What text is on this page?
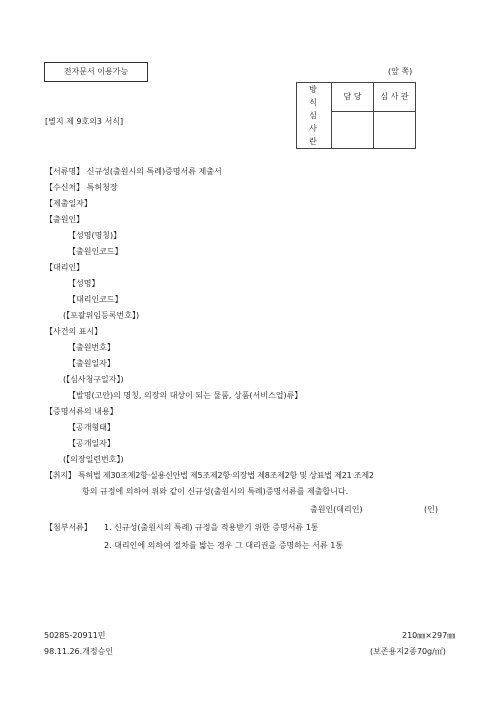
전자문서 이용가능	(앞 쪽)
[별지 제 9호의3 서식]
방
식
심
사
란	담 당	심 사 관

【서류명】 신규성(출원시의 특례)증명서류 제출서
【수신처】 특허청장
【제출일자】
【출원인】
【성명(명칭)】
【출원인코드】
【대리인】
【성명】
【대리인코드】
(【포괄위임등록번호】)
【사건의 표시】
【출원번호】
【출원일자】
(【심사청구일자】)
【발명(고안)의 명칭, 의장의 대상이 되는 물품, 상품(서비스업)류】
【증명서류의 내용】
【공개형태】
【공개일자】
(【의장일련번호】)
【취지】 특허법 제30조제2항·실용신안법 제5조제2항·의장법 제8조제2항 및 상표법 제21 조제2
항의 규정에 의하여 위와 같이 신규성(출원시의 특례)증명서류를 제출합니다.
출원인(대리인)	(인)
【첨부서류】 1. 신규성(출원시의 특례) 규정을 적용받기 위한 증명서류 1통
2. 대리인에 의하여 절차를 밟는 경우 그 대리권을 증명하는 서류 1통
50285-20911민
98.11.26.개정승인
210㎜×297㎜
(보존용지2종70g/㎡)
